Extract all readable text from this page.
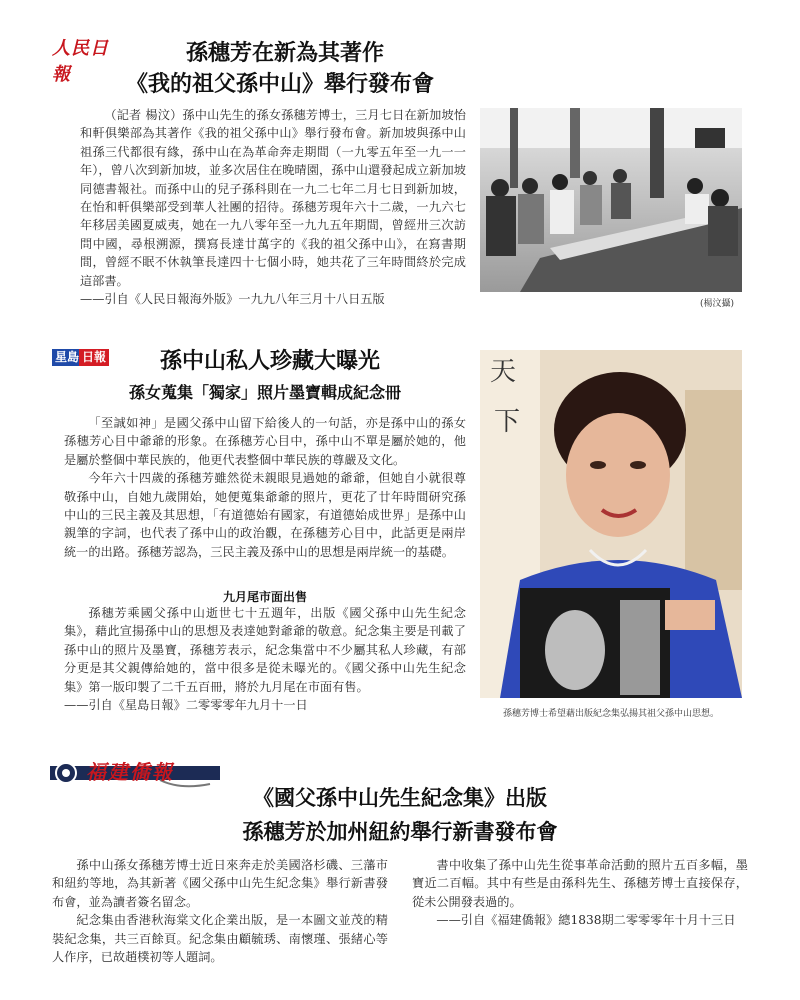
人民日報
孫穗芳在新為其著作
《我的祖父孫中山》舉行發布會

（記者 楊汶）孫中山先生的孫女孫穗芳博士，三月七日在新加坡怡和軒俱樂部為其著作《我的祖父孫中山》舉行發布會。新加坡與孫中山祖孫三代都很有緣，孫中山在為革命奔走期間（一九零五年至一九一一年），曾八次到新加坡，並多次居住在晚晴園，孫中山還發起成立新加坡同德書報社。而孫中山的兒子孫科則在一九二七年二月七日到新加坡，在怡和軒俱樂部受到華人社團的招待。孫穗芳現年六十二歲，一九六七年移居美國夏威夷，她在一九八零年至一九九五年期間，曾經卅三次訪問中國，尋根溯源，撰寫長達廿萬字的《我的祖父孫中山》，在寫書期間，曾經不眠不休執筆長達四十七個小時，她共花了三年時間終於完成這部書。

——引自《人民日報海外版》一九九八年三月十八日五版	(楊汶攝)
星島 日報	孫中山私人珍藏大曝光
孫女蒐集「獨家」照片墨寶輯成紀念冊

「至誠如神」是國父孫中山留下給後人的一句話，亦是孫中山的孫女孫穗芳心目中爺爺的形象。在孫穗芳心目中，孫中山不單是屬於她的，他是屬於整個中華民族的，他更代表整個中華民族的尊嚴及文化。

今年六十四歲的孫穗芳雖然從未親眼見過她的爺爺，但她自小就很尊敬孫中山，自她九歲開始，她便蒐集爺爺的照片，更花了廿年時間研究孫中山的三民主義及其思想，「有道德始有國家，有道德始成世界」是孫中山親筆的字詞，也代表了孫中山的政治觀，在孫穗芳心目中，此話更是兩岸統一的出路。孫穗芳認為，三民主義及孫中山的思想是兩岸統一的基礎。

九月尾市面出售

孫穗芳乘國父孫中山逝世七十五週年，出版《國父孫中山先生紀念集》，藉此宣揚孫中山的思想及表達她對爺爺的敬意。紀念集主要是刊載了孫中山的照片及墨寶，孫穗芳表示，紀念集當中不少屬其私人珍藏，有部分更是其父親傳給她的，當中很多是從未曝光的。《國父孫中山先生紀念集》第一版印製了二千五百冊，將於九月尾在市面有售。

——引自《星島日報》二零零零年九月十一日

天
下
孫穗芳博士希望藉出版紀念集弘揚其祖父孫中山思想。
福建僑報
《國父孫中山先生紀念集》出版
孫穗芳於加州紐約舉行新書發布會

孫中山孫女孫穗芳博士近日來奔走於美國洛杉磯、三藩市和紐約等地，為其新著《國父孫中山先生紀念集》舉行新書發布會，並為讀者簽名留念。

紀念集由香港秋海棠文化企業出版，是一本圖文並茂的精裝紀念集，共三百餘頁。紀念集由顧毓琇、南懷瑾、張緒心等人作序，已故趙樸初等人題詞。

書中收集了孫中山先生從事革命活動的照片五百多幅，墨寶近二百幅。其中有些是由孫科先生、孫穗芳博士直接保存，從未公開發表過的。

——引自《福建僑報》總1838期二零零零年十月十三日
